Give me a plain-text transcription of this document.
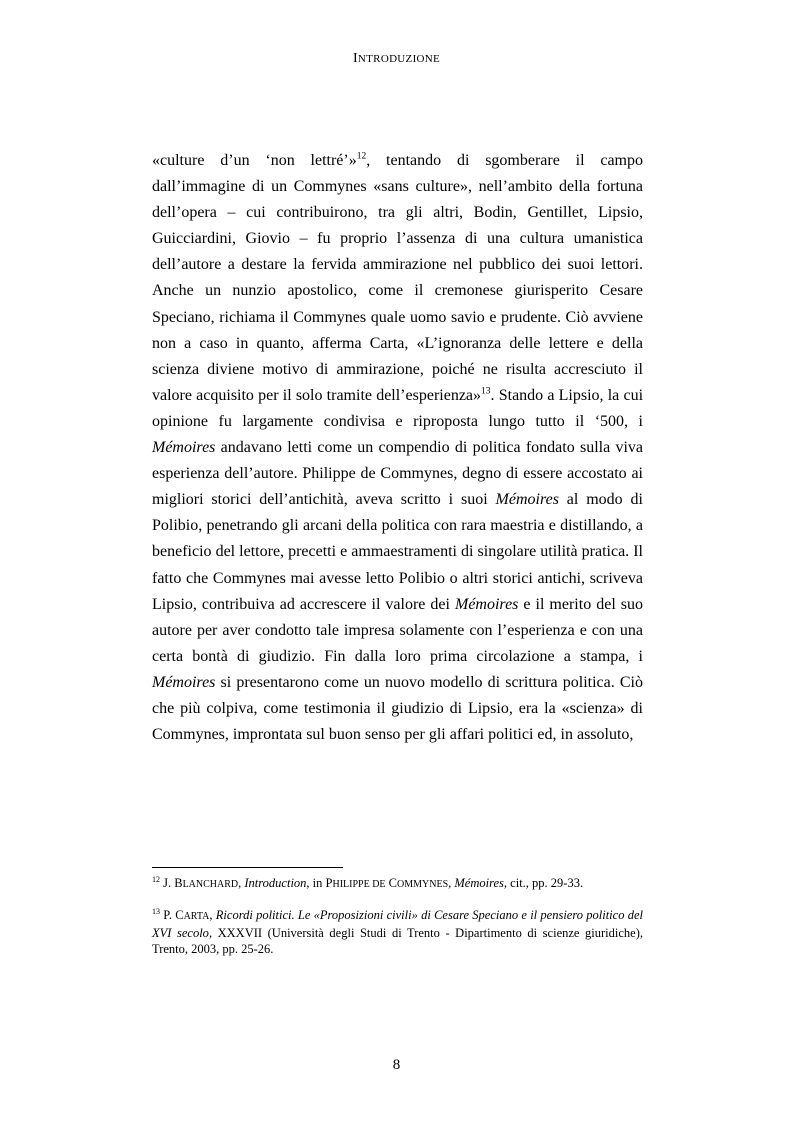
INTRODUZIONE

«culture d’un ‘non lettré’»$^{12}$, tentando di sgomberare il campo dall’immagine di un Commynes «sans culture», nell’ambito della fortuna dell’opera – cui contribuirono, tra gli altri, Bodin, Gentillet, Lipsio, Guicciardini, Giovio – fu proprio l’assenza di una cultura umanistica dell’autore a destare la fervida ammirazione nel pubblico dei suoi lettori. Anche un nunzio apostolico, come il cremonese giurisperito Cesare Speciano, richiama il Commynes quale uomo savio e prudente. Ciò avviene non a caso in quanto, afferma Carta, «L’ignoranza delle lettere e della scienza diviene motivo di ammirazione, poiché ne risulta accresciuto il valore acquisito per il solo tramite dell’esperienza»$^{13}$. Stando a Lipsio, la cui opinione fu largamente condivisa e riproposta lungo tutto il ‘500, i Mémoires andavano letti come un compendio di politica fondato sulla viva esperienza dell’autore. Philippe de Commynes, degno di essere accostato ai migliori storici dell’antichità, aveva scritto i suoi Mémoires al modo di Polibio, penetrando gli arcani della politica con rara maestria e distillando, a beneficio del lettore, precetti e ammaestramenti di singolare utilità pratica. Il fatto che Commynes mai avesse letto Polibio o altri storici antichi, scriveva Lipsio, contribuiva ad accrescere il valore dei Mémoires e il merito del suo autore per aver condotto tale impresa solamente con l’esperienza e con una certa bontà di giudizio. Fin dalla loro prima circolazione a stampa, i Mémoires si presentarono come un nuovo modello di scrittura politica. Ciò che più colpiva, come testimonia il giudizio di Lipsio, era la «scienza» di Commynes, improntata sul buon senso per gli affari politici ed, in assoluto,

$^{12}$ J. BLANCHARD, Introduction, in PHILIPPE DE COMMYNES, Mémoires, cit., pp. 29-33.

$^{13}$ P. CARTA, Ricordi politici. Le «Proposizioni civili» di Cesare Speciano e il pensiero politico del XVI secolo, XXXVII (Università degli Studi di Trento - Dipartimento di scienze giuridiche), Trento, 2003, pp. 25-26.

8
